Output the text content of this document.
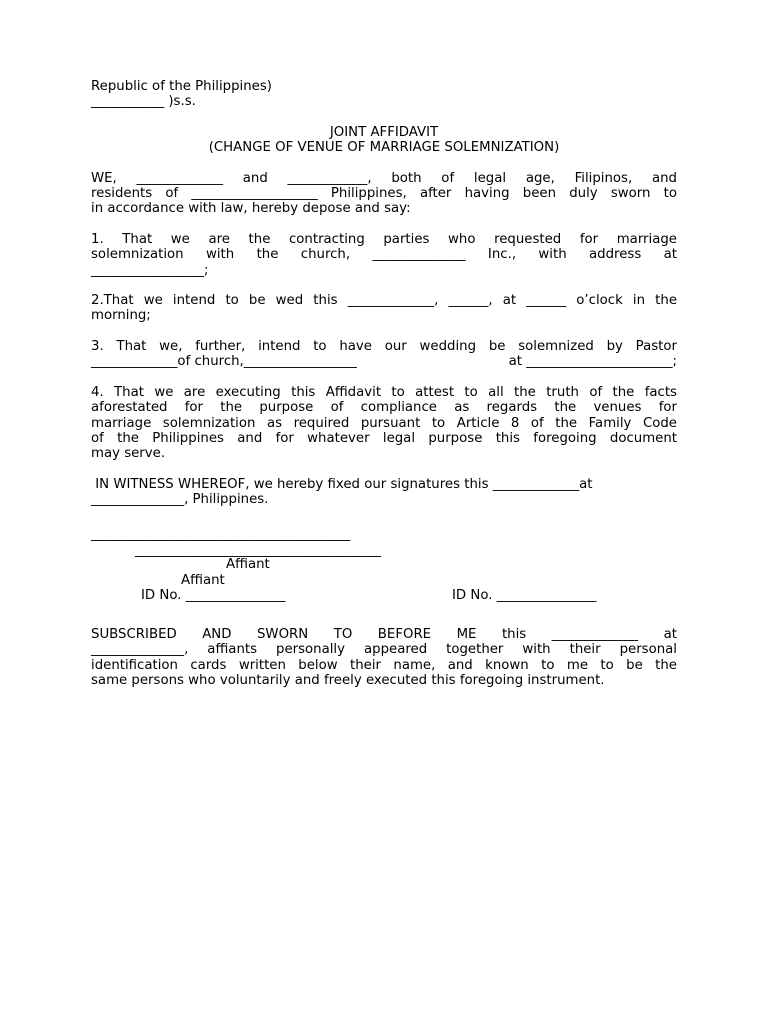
Republic of the Philippines)

___________ )s.s.

JOINT AFFIDAVIT

(CHANGE OF VENUE OF MARRIAGE SOLEMNIZATION)

WE, _____________ and ____________, both of legal age, Filipinos, and

residents of ___________________ Philippines, after having been duly sworn to

in accordance with law, hereby depose and say:

1. That we are the contracting parties who requested for marriage

solemnization with the church, ______________ Inc., with address at

_________________;

2.That we intend to be wed this _____________, ______, at ______ o’clock in the

morning;

3. That we, further, intend to have our wedding be solemnized by Pastor

_____________of church,_________________	at ______________________;

4. That we are executing this Affidavit to attest to all the truth of the facts

aforestated for the purpose of compliance as regards the venues for

marriage solemnization as required pursuant to Article 8 of the Family Code

of the Philippines and for whatever legal purpose this foregoing document

may serve.

IN WITNESS WHEREOF, we hereby fixed our signatures this _____________at

______________, Philippines.

_______________________________________
_____________________________________
Affiant
Affiant
ID No. _______________	ID No. _______________

SUBSCRIBED AND SWORN TO BEFORE ME this _____________ at

______________, affiants personally appeared together with their personal

identification cards written below their name, and known to me to be the

same persons who voluntarily and freely executed this foregoing instrument.
